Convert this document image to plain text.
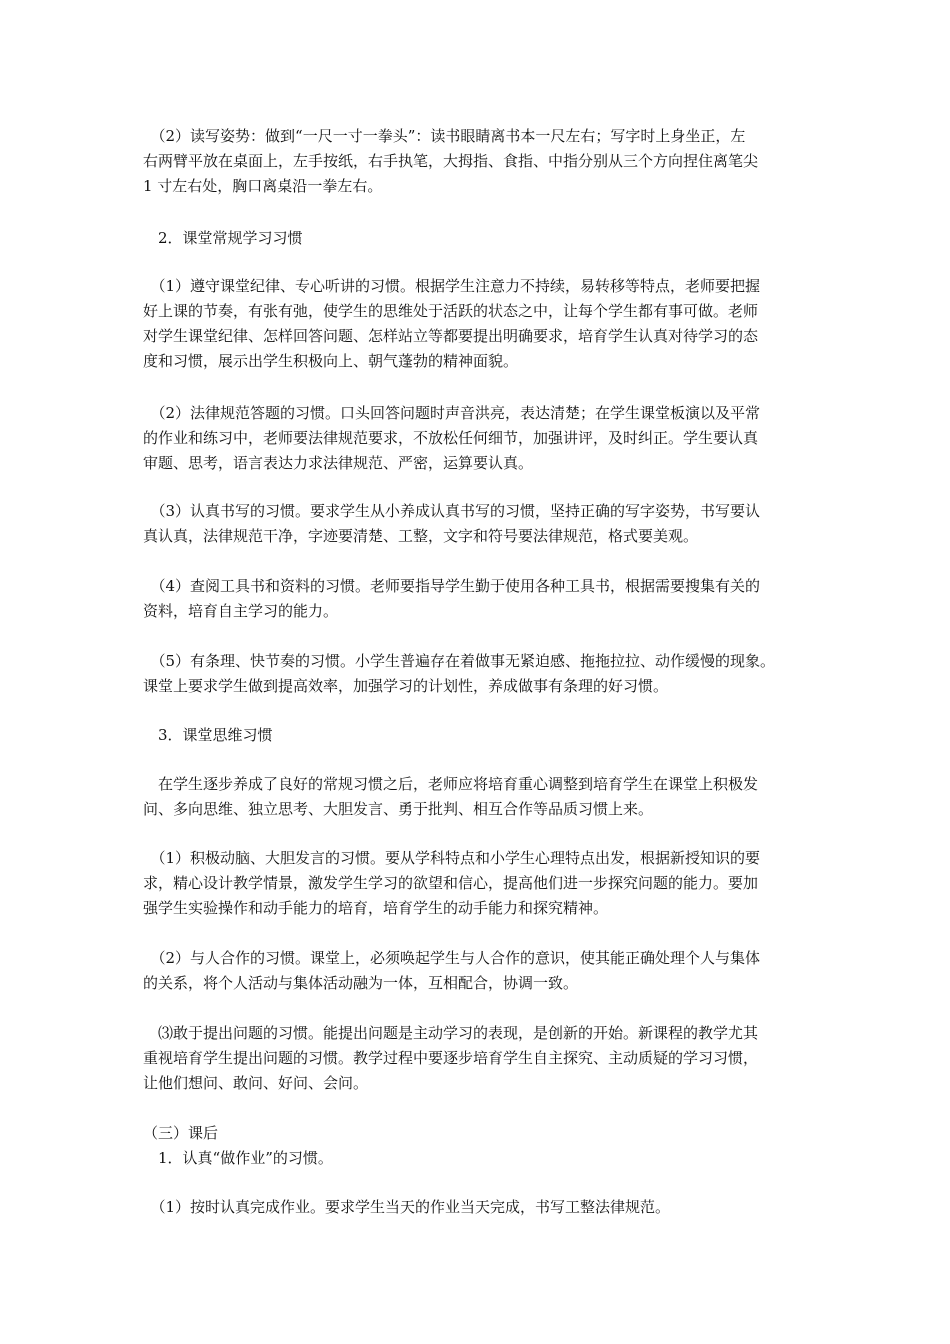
　（2）读写姿势：做到“一尺一寸一拳头”：读书眼睛离书本一尺左右；写字时上身坐正，左
右两臂平放在桌面上，左手按纸，右手执笔，大拇指、食指、中指分别从三个方向捏住离笔尖
1 寸左右处，胸口离桌沿一拳左右。
　2．课堂常规学习习惯
　（1）遵守课堂纪律、专心听讲的习惯。根据学生注意力不持续，易转移等特点，老师要把握
好上课的节奏，有张有弛，使学生的思维处于活跃的状态之中，让每个学生都有事可做。老师
对学生课堂纪律、怎样回答问题、怎样站立等都要提出明确要求，培育学生认真对待学习的态
度和习惯，展示出学生积极向上、朝气蓬勃的精神面貌。
　（2）法律规范答题的习惯。口头回答问题时声音洪亮，表达清楚；在学生课堂板演以及平常
的作业和练习中，老师要法律规范要求，不放松任何细节，加强讲评，及时纠正。学生要认真
审题、思考，语言表达力求法律规范、严密，运算要认真。
　（3）认真书写的习惯。要求学生从小养成认真书写的习惯，坚持正确的写字姿势，书写要认
真认真，法律规范干净，字迹要清楚、工整，文字和符号要法律规范，格式要美观。
　（4）查阅工具书和资料的习惯。老师要指导学生勤于使用各种工具书，根据需要搜集有关的
资料，培育自主学习的能力。
　（5）有条理、快节奏的习惯。小学生普遍存在着做事无紧迫感、拖拖拉拉、动作缓慢的现象。
课堂上要求学生做到提高效率，加强学习的计划性，养成做事有条理的好习惯。
　3．课堂思维习惯
　在学生逐步养成了良好的常规习惯之后，老师应将培育重心调整到培育学生在课堂上积极发
问、多向思维、独立思考、大胆发言、勇于批判、相互合作等品质习惯上来。
　（1）积极动脑、大胆发言的习惯。要从学科特点和小学生心理特点出发，根据新授知识的要
求，精心设计教学情景，激发学生学习的欲望和信心，提高他们进一步探究问题的能力。要加
强学生实验操作和动手能力的培育，培育学生的动手能力和探究精神。
　（2）与人合作的习惯。课堂上，必须唤起学生与人合作的意识，使其能正确处理个人与集体
的关系，将个人活动与集体活动融为一体，互相配合，协调一致。
　⑶敢于提出问题的习惯。能提出问题是主动学习的表现，是创新的开始。新课程的教学尤其
重视培育学生提出问题的习惯。教学过程中要逐步培育学生自主探究、主动质疑的学习习惯，
让他们想问、敢问、好问、会问。
（三）课后
　1．认真“做作业”的习惯。
　（1）按时认真完成作业。要求学生当天的作业当天完成，书写工整法律规范。
